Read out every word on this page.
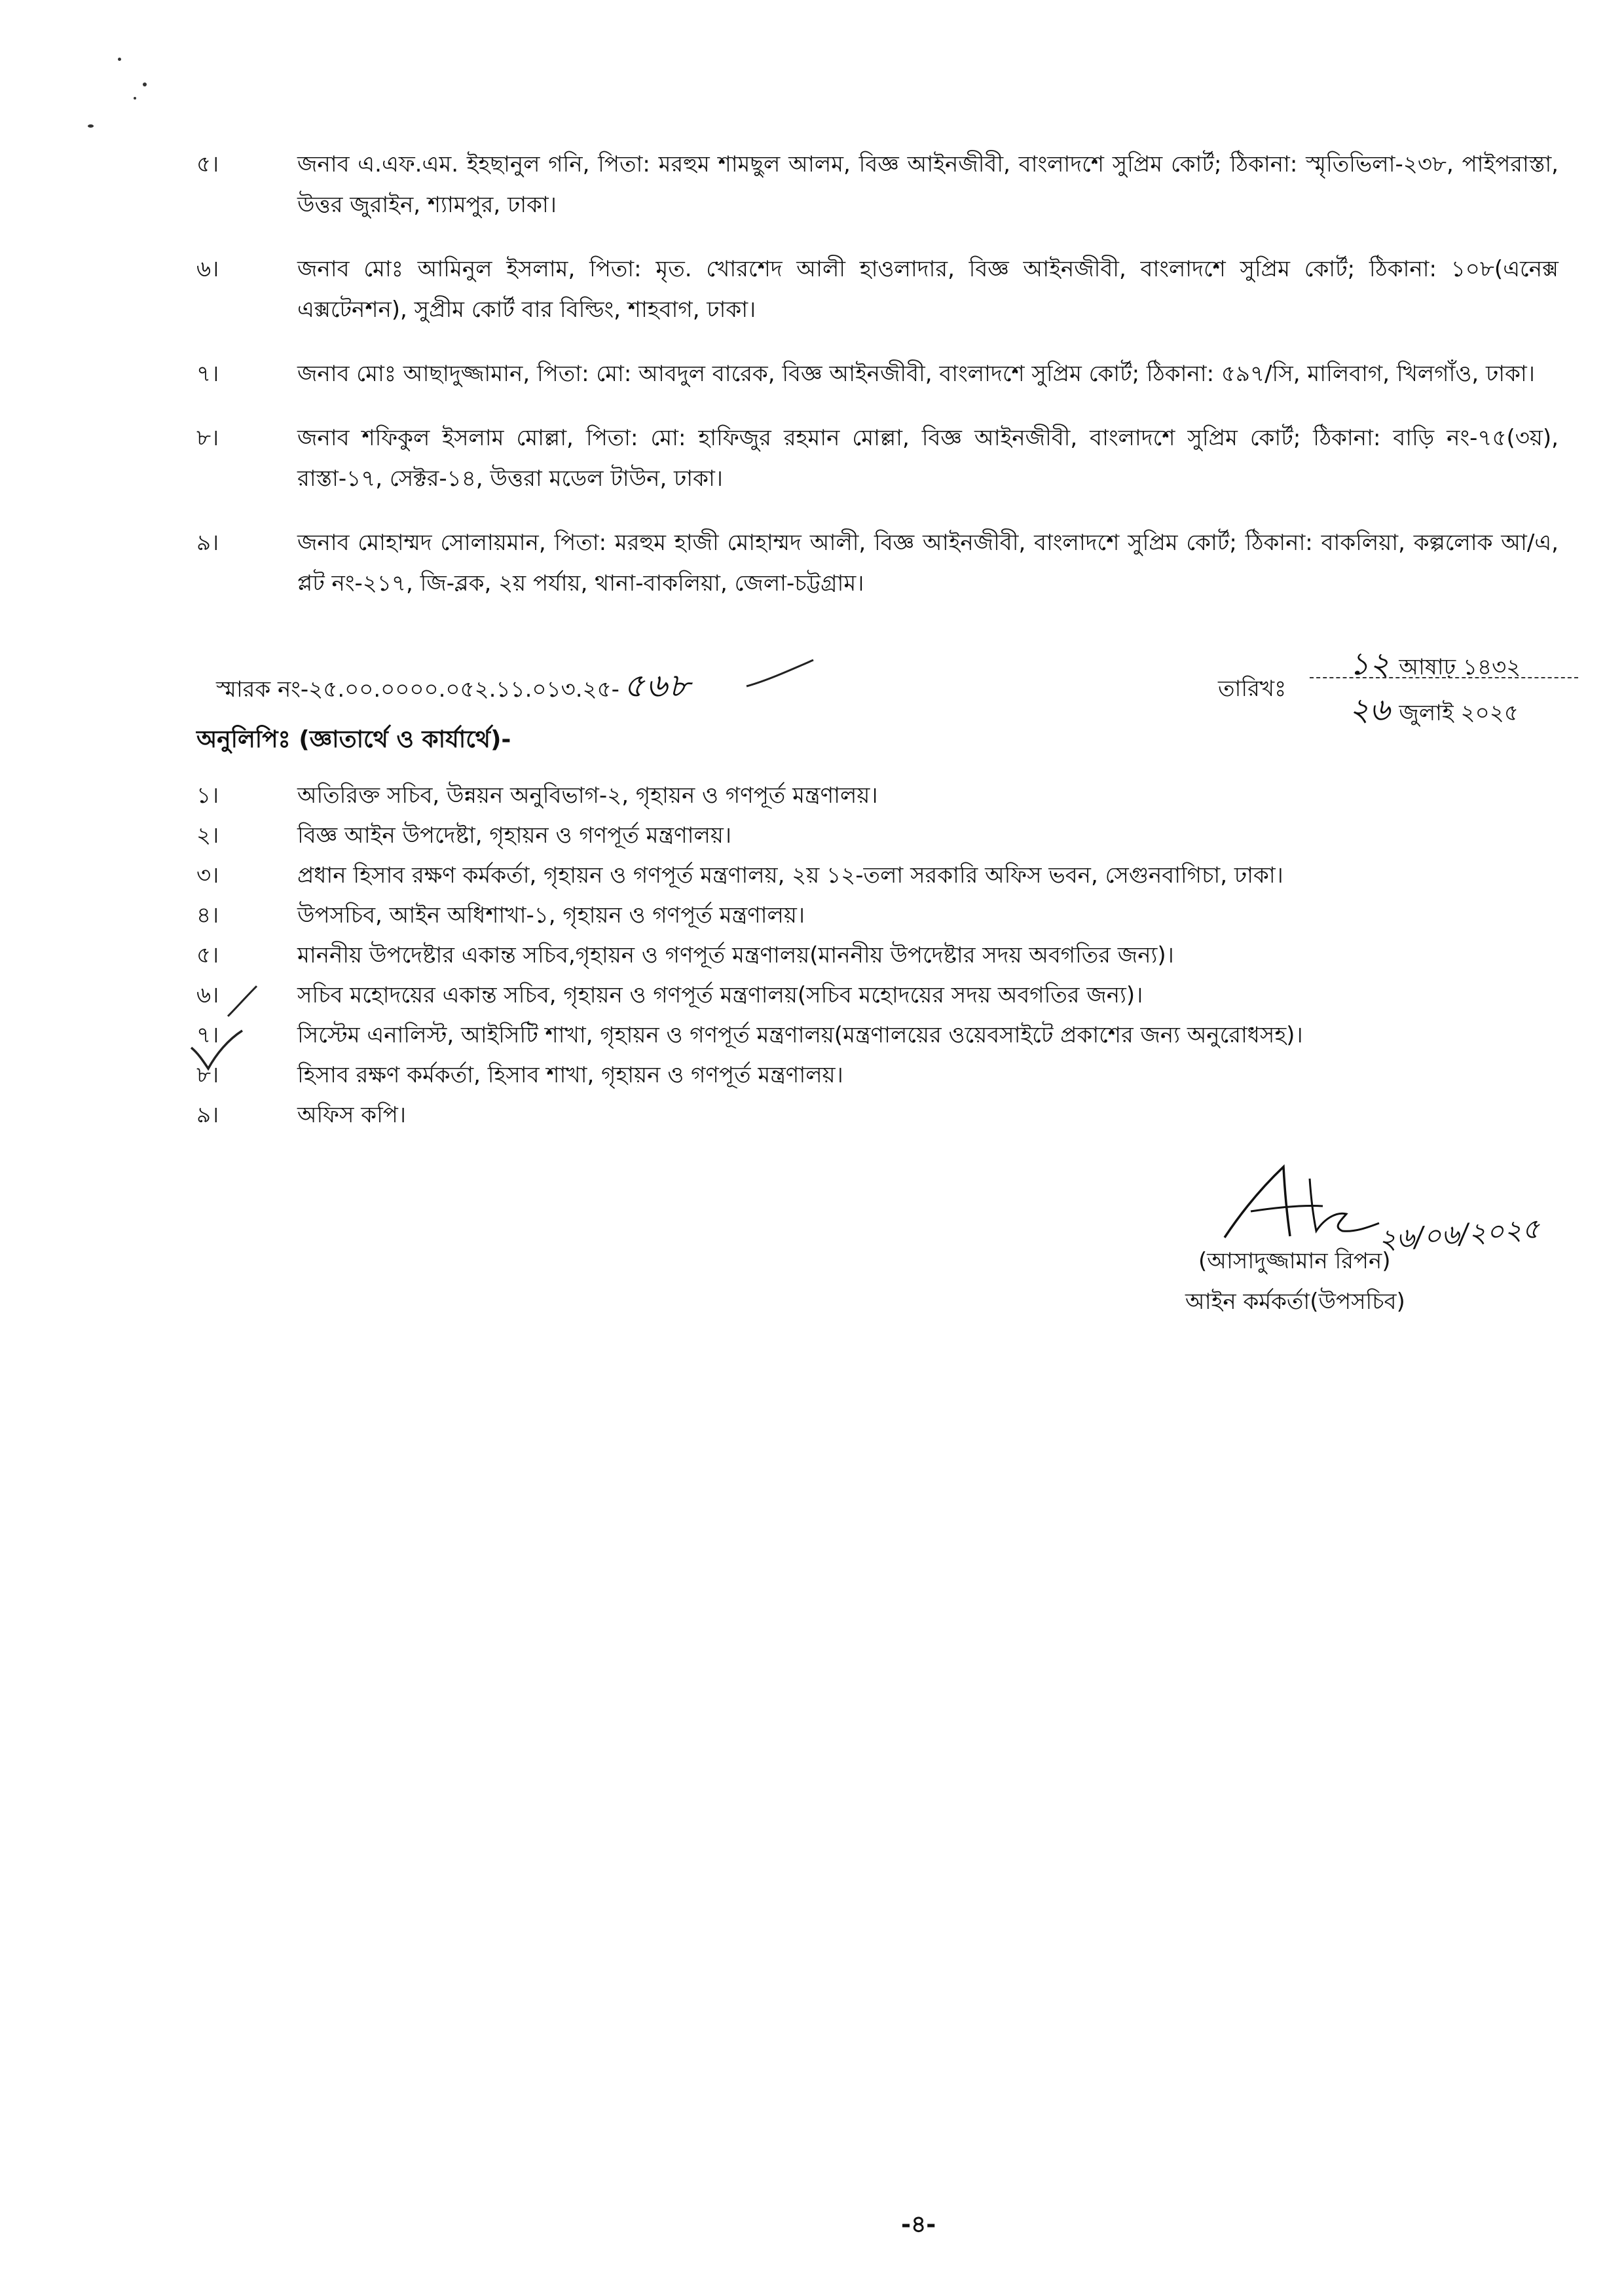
৫।	জনাব এ.এফ.এম. ইহছানুল গনি, পিতা: মরহুম শামছুল আলম, বিজ্ঞ আইনজীবী, বাংলাদশে সুপ্রিম কোর্ট; ঠিকানা: স্মৃতিভিলা-২৩৮, পাইপরাস্তা, উত্তর জুরাইন, শ্যামপুর, ঢাকা।
৬।	জনাব মোঃ আমিনুল ইসলাম, পিতা: মৃত. খোরশেদ আলী হাওলাদার, বিজ্ঞ আইনজীবী, বাংলাদশে সুপ্রিম কোর্ট; ঠিকানা: ১০৮(এনেক্স এক্সটেনশন), সুপ্রীম কোর্ট বার বিল্ডিং, শাহবাগ, ঢাকা।
৭।	জনাব মোঃ আছাদুজ্জামান, পিতা: মো: আবদুল বারেক, বিজ্ঞ আইনজীবী, বাংলাদশে সুপ্রিম কোর্ট; ঠিকানা: ৫৯৭/সি, মালিবাগ, খিলগাঁও, ঢাকা।
৮।	জনাব শফিকুল ইসলাম মোল্লা, পিতা: মো: হাফিজুর রহমান মোল্লা, বিজ্ঞ আইনজীবী, বাংলাদশে সুপ্রিম কোর্ট; ঠিকানা: বাড়ি নং-৭৫(৩য়), রাস্তা-১৭, সেক্টর-১৪, উত্তরা মডেল টাউন, ঢাকা।
৯।	জনাব মোহাম্মদ সোলায়মান, পিতা: মরহুম হাজী মোহাম্মদ আলী, বিজ্ঞ আইনজীবী, বাংলাদশে সুপ্রিম কোর্ট; ঠিকানা: বাকলিয়া, কল্পলোক আ/এ, প্লট নং-২১৭, জি-ব্লক, ২য় পর্যায়, থানা-বাকলিয়া, জেলা-চট্টগ্রাম।
স্মারক নং-২৫.০০.০০০০.০৫২.১১.০১৩.২৫- ৫৬৮	তারিখঃ
১২ আষাঢ় ১৪৩২
২৬ জুলাই ২০২৫
অনুলিপিঃ (জ্ঞাতার্থে ও কার্যার্থে)-
১।	অতিরিক্ত সচিব, উন্নয়ন অনুবিভাগ-২, গৃহায়ন ও গণপূর্ত মন্ত্রণালয়।
২।	বিজ্ঞ আইন উপদেষ্টা, গৃহায়ন ও গণপূর্ত মন্ত্রণালয়।
৩।	প্রধান হিসাব রক্ষণ কর্মকর্তা, গৃহায়ন ও গণপূর্ত মন্ত্রণালয়, ২য় ১২-তলা সরকারি অফিস ভবন, সেগুনবাগিচা, ঢাকা।
৪।	উপসচিব, আইন অধিশাখা-১, গৃহায়ন ও গণপূর্ত মন্ত্রণালয়।
৫।	মাননীয় উপদেষ্টার একান্ত সচিব,গৃহায়ন ও গণপূর্ত মন্ত্রণালয়(মাননীয় উপদেষ্টার সদয় অবগতির জন্য)।
৬।	সচিব মহোদয়ের একান্ত সচিব, গৃহায়ন ও গণপূর্ত মন্ত্রণালয়(সচিব মহোদয়ের সদয় অবগতির জন্য)।
৭।	সিস্টেম এনালিস্ট, আইসিটি শাখা, গৃহায়ন ও গণপূর্ত মন্ত্রণালয়(মন্ত্রণালয়ের ওয়েবসাইটে প্রকাশের জন্য অনুরোধসহ)।
৮।	হিসাব রক্ষণ কর্মকর্তা, হিসাব শাখা, গৃহায়ন ও গণপূর্ত মন্ত্রণালয়।
৯।	অফিস কপি।
২৬/০৬/২০২৫
(আসাদুজ্জামান রিপন)
আইন কর্মকর্তা(উপসচিব)
-৪-
